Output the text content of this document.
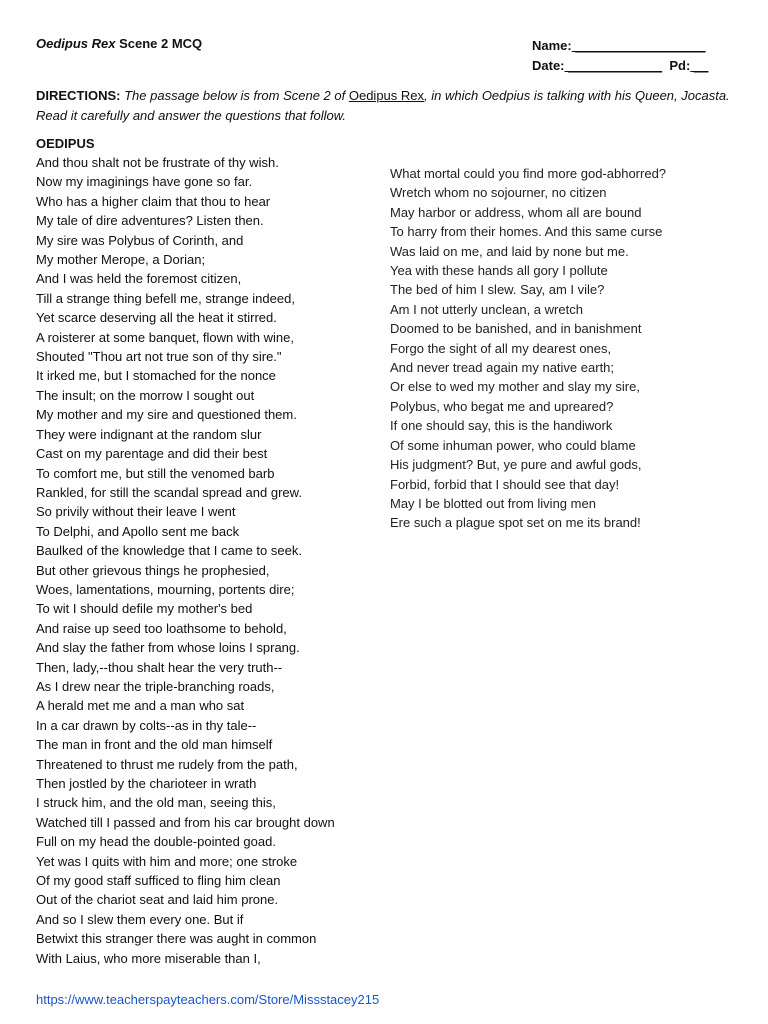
Oedipus Rex Scene 2 MCQ	Name: __________________
Date: _____________  Pd: __
DIRECTIONS: The passage below is from Scene 2 of Oedipus Rex, in which Oedpius is talking with his Queen, Jocasta. Read it carefully and answer the questions that follow.
OEDIPUS
And thou shalt not be frustrate of thy wish.
Now my imaginings have gone so far.
Who has a higher claim that thou to hear
My tale of dire adventures? Listen then.
My sire was Polybus of Corinth, and
My mother Merope, a Dorian;
And I was held the foremost citizen,
Till a strange thing befell me, strange indeed,
Yet scarce deserving all the heat it stirred.
A roisterer at some banquet, flown with wine,
Shouted "Thou art not true son of thy sire."
It irked me, but I stomached for the nonce
The insult; on the morrow I sought out
My mother and my sire and questioned them.
They were indignant at the random slur
Cast on my parentage and did their best
To comfort me, but still the venomed barb
Rankled, for still the scandal spread and grew.
So privily without their leave I went
To Delphi, and Apollo sent me back
Baulked of the knowledge that I came to seek.
But other grievous things he prophesied,
Woes, lamentations, mourning, portents dire;
To wit I should defile my mother's bed
And raise up seed too loathsome to behold,
And slay the father from whose loins I sprang.
Then, lady,--thou shalt hear the very truth--
As I drew near the triple-branching roads,
A herald met me and a man who sat
In a car drawn by colts--as in thy tale--
The man in front and the old man himself
Threatened to thrust me rudely from the path,
Then jostled by the charioteer in wrath
I struck him, and the old man, seeing this,
Watched till I passed and from his car brought down
Full on my head the double-pointed goad.
Yet was I quits with him and more; one stroke
Of my good staff sufficed to fling him clean
Out of the chariot seat and laid him prone.
And so I slew them every one. But if
Betwixt this stranger there was aught in common
With Laius, who more miserable than I,
What mortal could you find more god-abhorred?
Wretch whom no sojourner, no citizen
May harbor or address, whom all are bound
To harry from their homes. And this same curse
Was laid on me, and laid by none but me.
Yea with these hands all gory I pollute
The bed of him I slew. Say, am I vile?
Am I not utterly unclean, a wretch
Doomed to be banished, and in banishment
Forgo the sight of all my dearest ones,
And never tread again my native earth;
Or else to wed my mother and slay my sire,
Polybus, who begat me and upreared?
If one should say, this is the handiwork
Of some inhuman power, who could blame
His judgment? But, ye pure and awful gods,
Forbid, forbid that I should see that day!
May I be blotted out from living men
Ere such a plague spot set on me its brand!
https://www.teacherspayteachers.com/Store/Missstacey215
